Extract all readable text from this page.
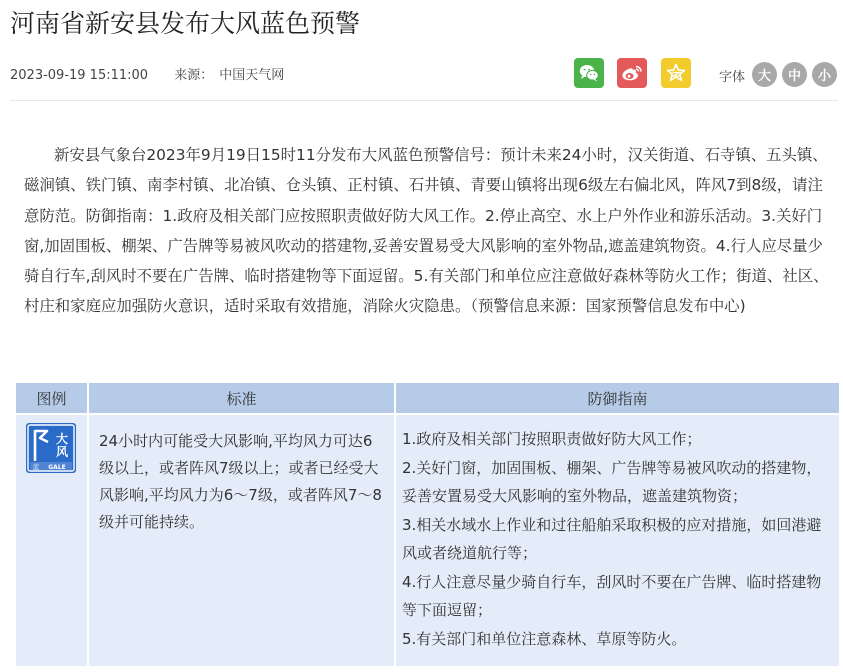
河南省新安县发布大风蓝色预警
2023-09-19 15:11:00 来源： 中国天气网	字体 大	中	小

新安县气象台2023年9月19日15时11分发布大风蓝色预警信号：预计未来24小时，汉关街道、石寺镇、五头镇、磁涧镇、铁门镇、南李村镇、北冶镇、仓头镇、正村镇、石井镇、青要山镇将出现6级左右偏北风，阵风7到8级，请注意防范。防御指南：1.政府及相关部门应按照职责做好防大风工作。2.停止高空、水上户外作业和游乐活动。3.关好门窗,加固围板、棚架、广告牌等易被风吹动的搭建物,妥善安置易受大风影响的室外物品,遮盖建筑物资。4.行人应尽量少骑自行车,刮风时不要在广告牌、临时搭建物等下面逗留。5.有关部门和单位应注意做好森林等防火工作；街道、社区、村庄和家庭应加强防火意识，适时采取有效措施，消除火灾隐患。（预警信息来源：国家预警信息发布中心)

图例	标准	防御指南

大
风
蓝 GALE	24小时内可能受大风影响,平均风力可达6级以上，或者阵风7级以上；或者已经受大风影响,平均风力为6～7级，或者阵风7～8级并可能持续。	1.政府及相关部门按照职责做好防大风工作；
2.关好门窗，加固围板、棚架、广告牌等易被风吹动的搭建物，妥善安置易受大风影响的室外物品，遮盖建筑物资；
3.相关水域水上作业和过往船舶采取积极的应对措施，如回港避风或者绕道航行等；
4.行人注意尽量少骑自行车，刮风时不要在广告牌、临时搭建物等下面逗留；
5.有关部门和单位注意森林、草原等防火。
